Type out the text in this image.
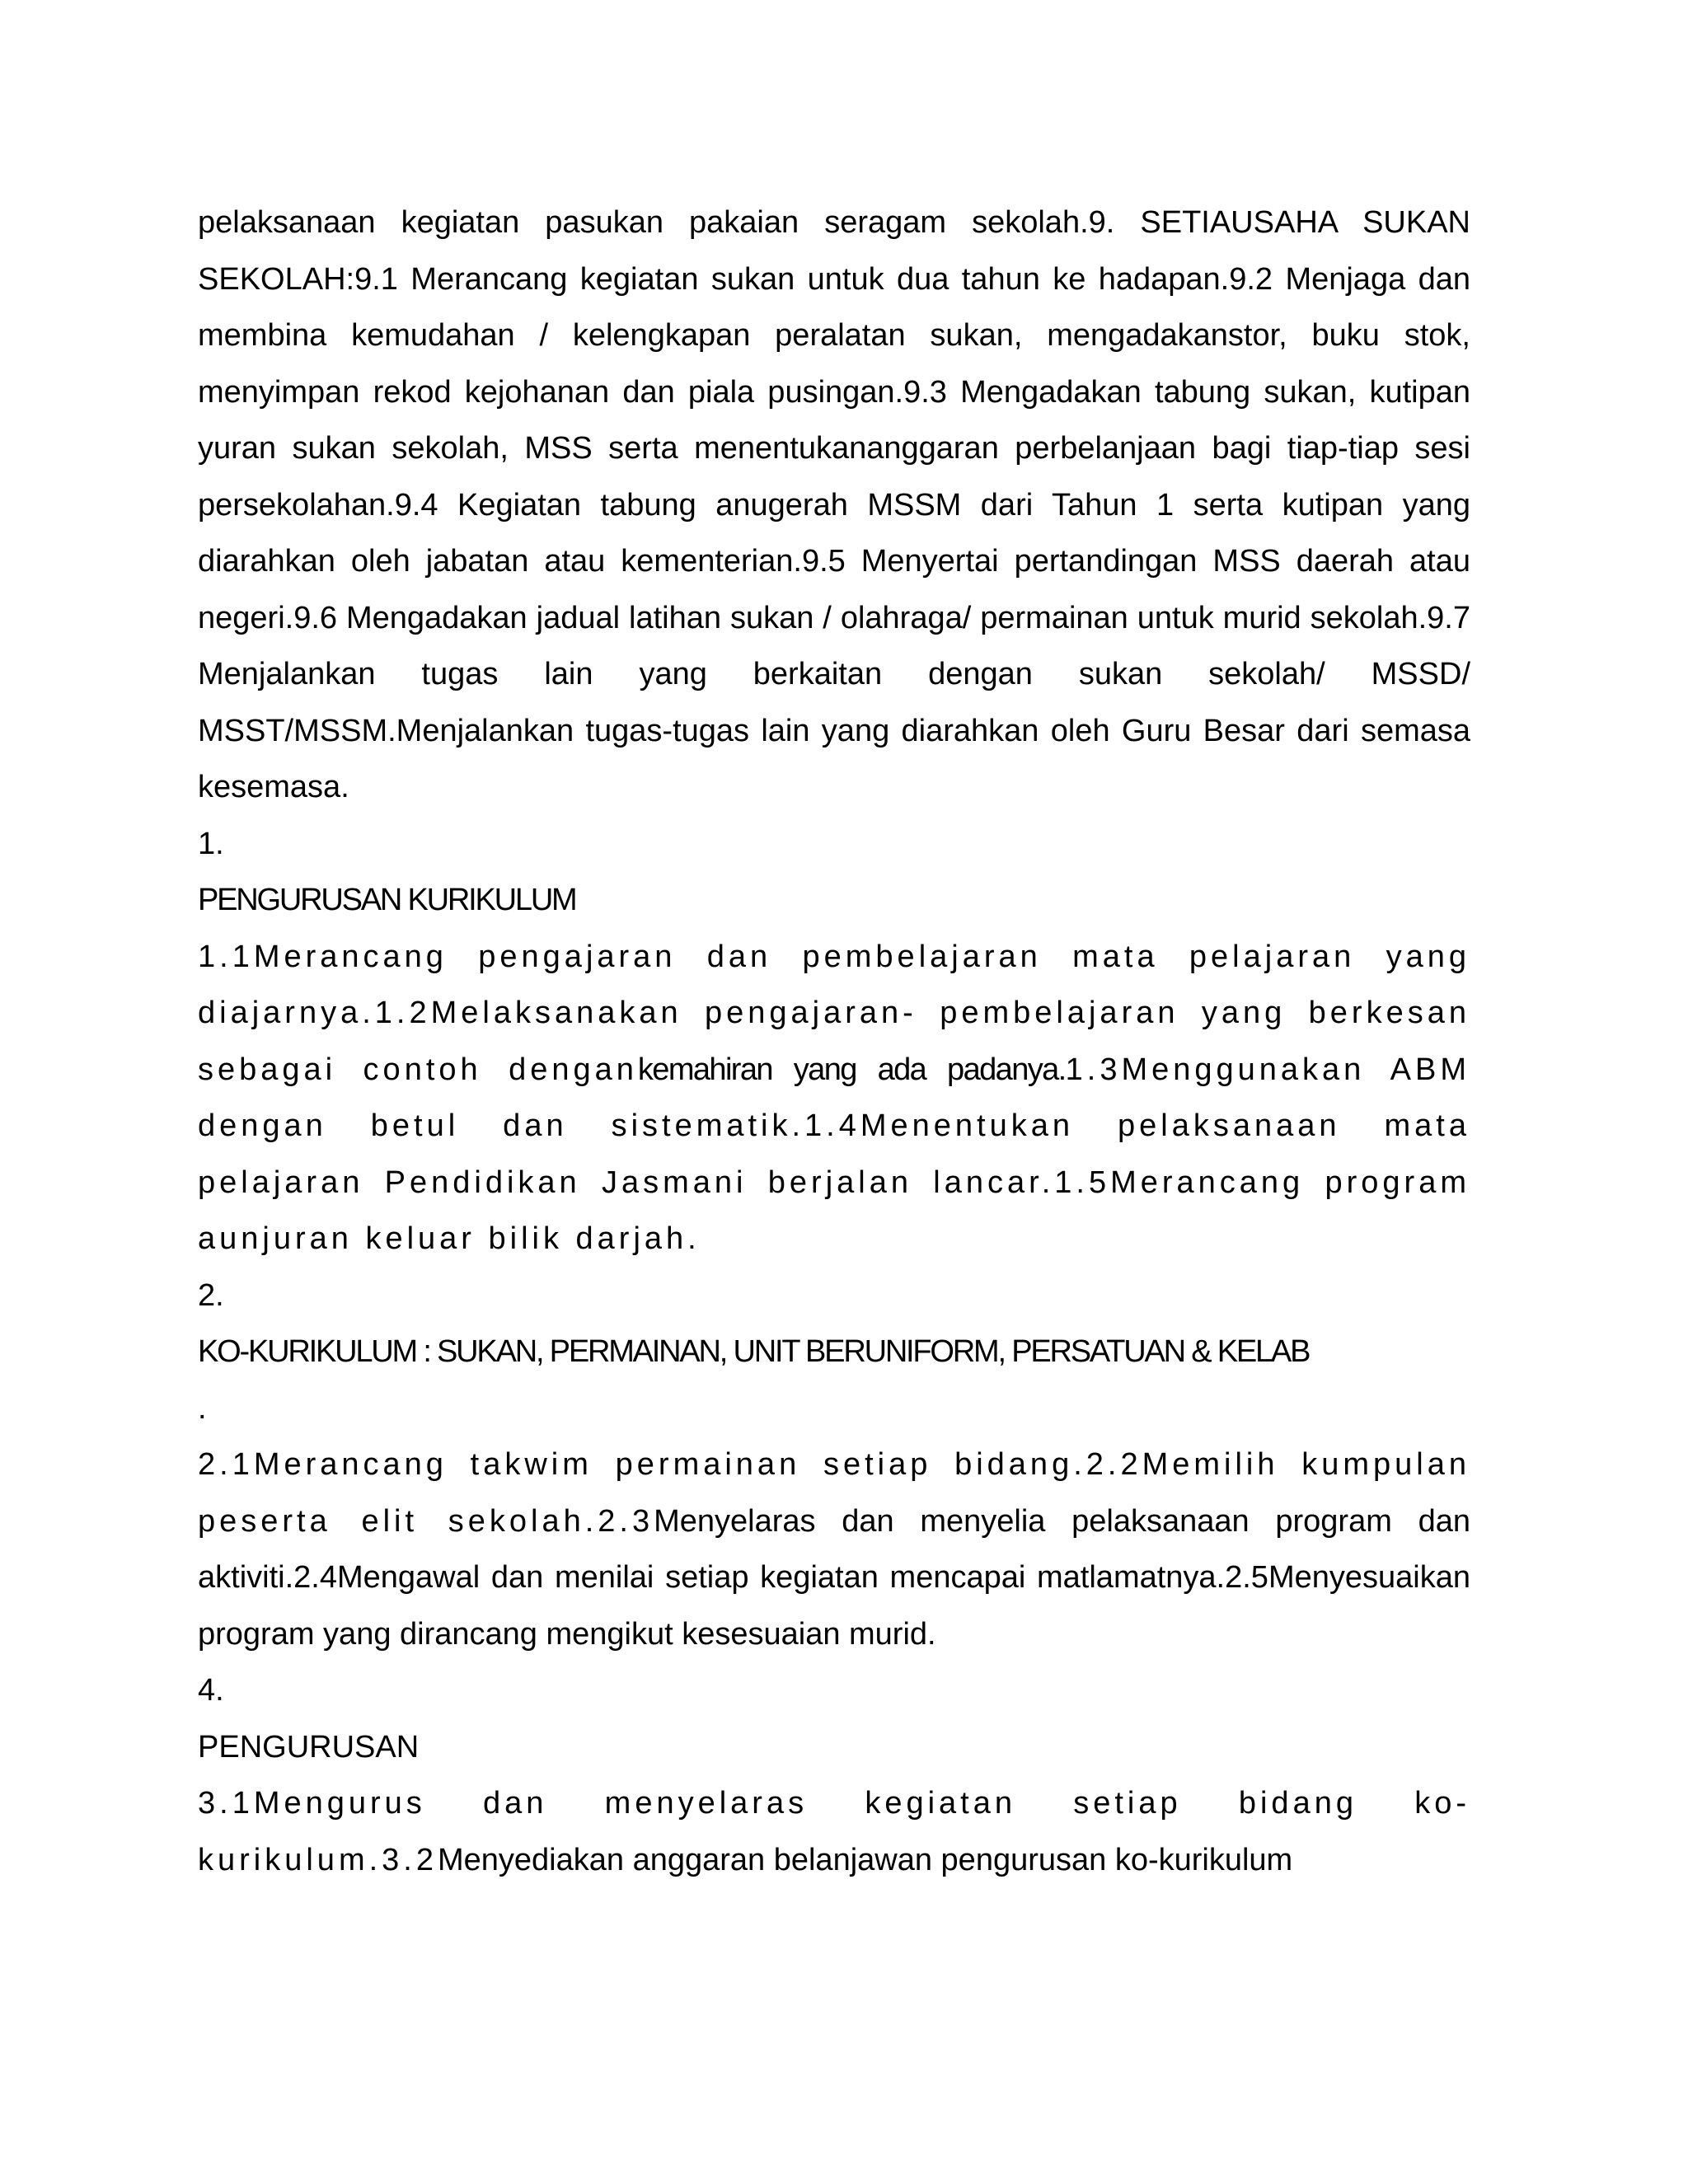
pelaksanaan kegiatan pasukan pakaian seragam sekolah.9. SETIAUSAHA SUKAN SEKOLAH:9.1 Merancang kegiatan sukan untuk dua tahun ke hadapan.9.2 Menjaga dan membina kemudahan / kelengkapan peralatan sukan, mengadakanstor, buku stok, menyimpan rekod kejohanan dan piala pusingan.9.3 Mengadakan tabung sukan, kutipan yuran sukan sekolah, MSS serta menentukananggaran perbelanjaan bagi tiap-tiap sesi persekolahan.9.4 Kegiatan tabung anugerah MSSM dari Tahun 1 serta kutipan yang diarahkan oleh jabatan atau kementerian.9.5 Menyertai pertandingan MSS daerah atau negeri.9.6 Mengadakan jadual latihan sukan / olahraga/ permainan untuk murid sekolah.9.7 Menjalankan tugas lain yang berkaitan dengan sukan sekolah/ MSSD/ MSST/MSSM.Menjalankan tugas-tugas lain yang diarahkan oleh Guru Besar dari semasa kesemasa.

1.

PENGURUSAN KURIKULUM

1.1Merancang pengajaran dan pembelajaran mata pelajaran yang diajarnya.1.2Melaksanakan pengajaran- pembelajaran yang berkesan sebagai contoh dengankemahiran yang ada padanya.1.3Menggunakan ABM dengan betul dan sistematik.1.4Menentukan pelaksanaan mata pelajaran Pendidikan Jasmani berjalan lancar.1.5Merancang program aunjuran keluar bilik darjah.

2.

KO-KURIKULUM : SUKAN, PERMAINAN, UNIT BERUNIFORM, PERSATUAN & KELAB

.

2.1Merancang takwim permainan setiap bidang.2.2Memilih kumpulan peserta elit sekolah.2.3Menyelaras dan menyelia pelaksanaan program dan aktiviti.2.4Mengawal dan menilai setiap kegiatan mencapai matlamatnya.2.5Menyesuaikan program yang dirancang mengikut kesesuaian murid.

4.

PENGURUSAN

3.1Mengurus dan menyelaras kegiatan setiap bidang ko-kurikulum.3.2Menyediakan anggaran belanjawan pengurusan ko-kurikulum
